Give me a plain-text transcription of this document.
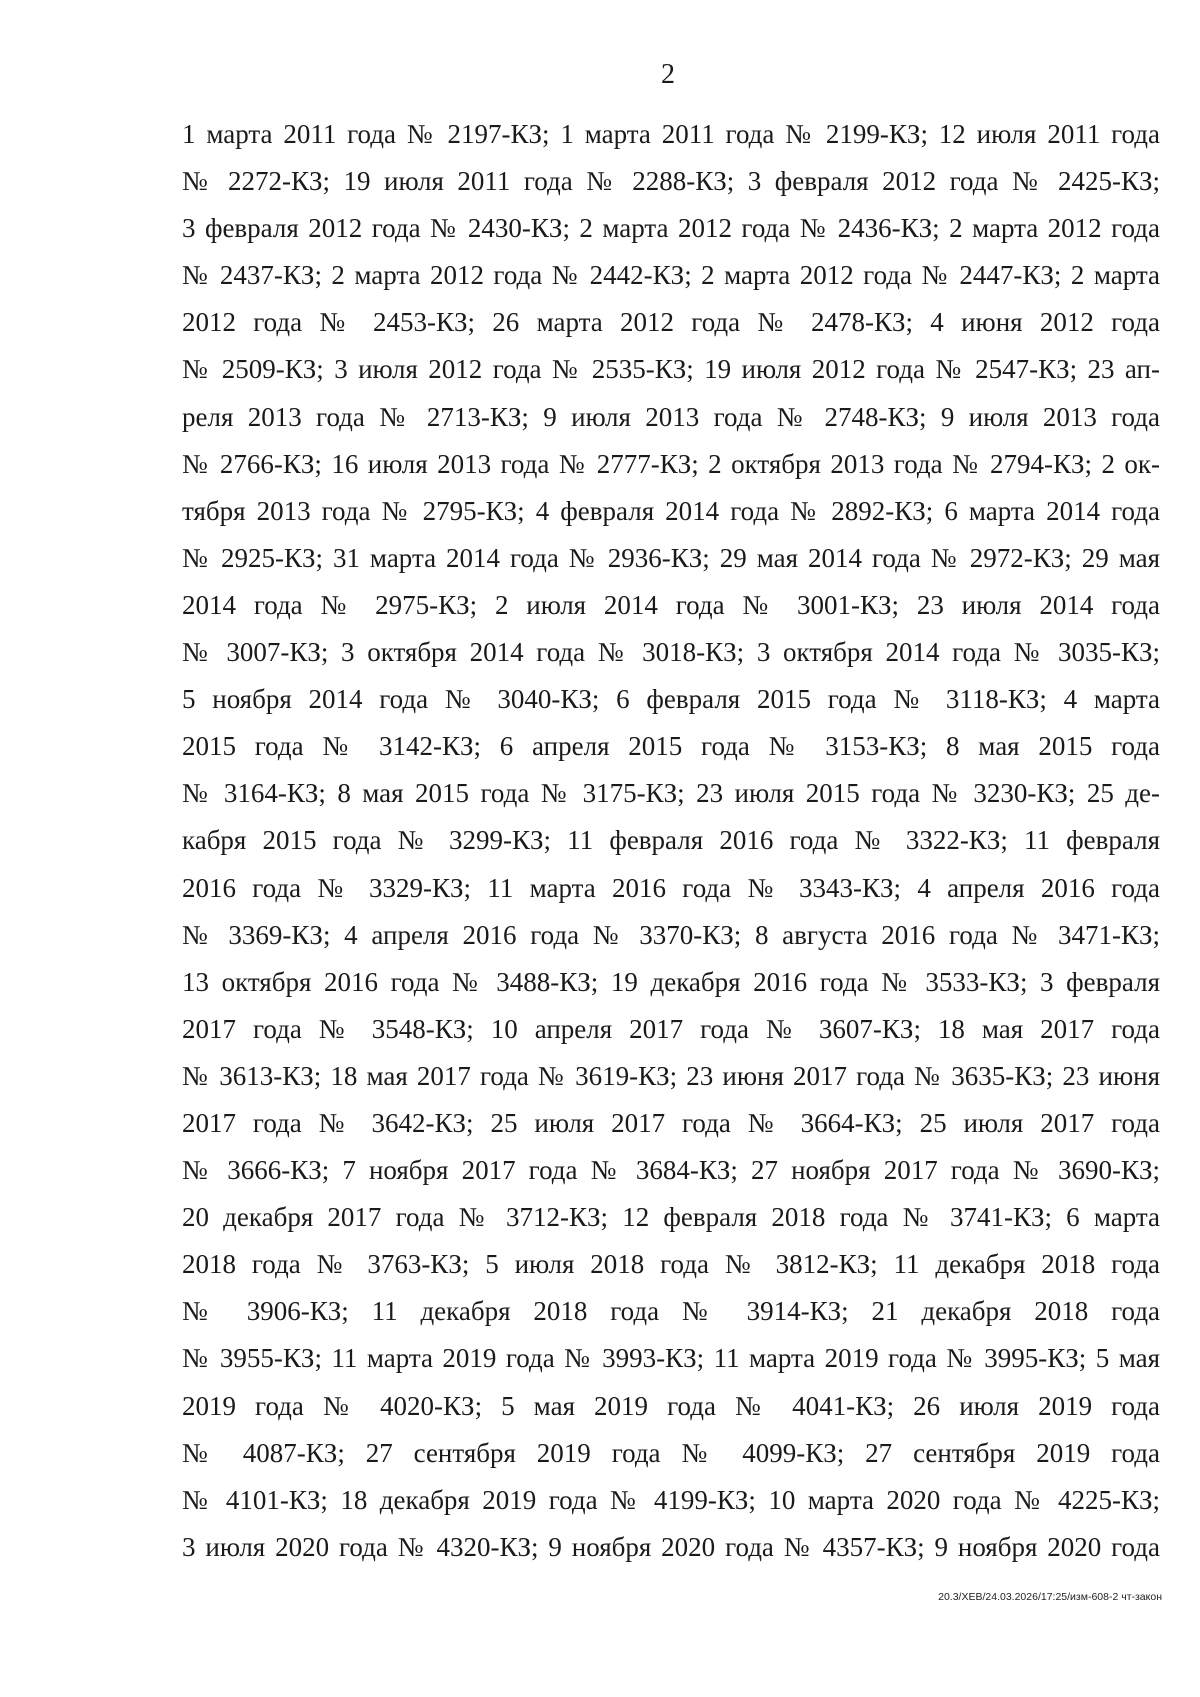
2
1 марта 2011 года № 2197-КЗ; 1 марта 2011 года № 2199-КЗ; 12 июля 2011 года
№ 2272-КЗ; 19 июля 2011 года № 2288-КЗ; 3 февраля 2012 года № 2425-КЗ;
3 февраля 2012 года № 2430-КЗ; 2 марта 2012 года № 2436-КЗ; 2 марта 2012 года
№ 2437-КЗ; 2 марта 2012 года № 2442-КЗ; 2 марта 2012 года № 2447-КЗ; 2 марта
2012 года № 2453-КЗ; 26 марта 2012 года № 2478-КЗ; 4 июня 2012 года
№ 2509-КЗ; 3 июля 2012 года № 2535-КЗ; 19 июля 2012 года № 2547-КЗ; 23 ап-
реля 2013 года № 2713-КЗ; 9 июля 2013 года № 2748-КЗ; 9 июля 2013 года
№ 2766-КЗ; 16 июля 2013 года № 2777-КЗ; 2 октября 2013 года № 2794-КЗ; 2 ок-
тября 2013 года № 2795-КЗ; 4 февраля 2014 года № 2892-КЗ; 6 марта 2014 года
№ 2925-КЗ; 31 марта 2014 года № 2936-КЗ; 29 мая 2014 года № 2972-КЗ; 29 мая
2014 года № 2975-КЗ; 2 июля 2014 года № 3001-КЗ; 23 июля 2014 года
№ 3007-КЗ; 3 октября 2014 года № 3018-КЗ; 3 октября 2014 года № 3035-КЗ;
5 ноября 2014 года № 3040-КЗ; 6 февраля 2015 года № 3118-КЗ; 4 марта
2015 года № 3142-КЗ; 6 апреля 2015 года № 3153-КЗ; 8 мая 2015 года
№ 3164-КЗ; 8 мая 2015 года № 3175-КЗ; 23 июля 2015 года № 3230-КЗ; 25 де-
кабря 2015 года № 3299-КЗ; 11 февраля 2016 года № 3322-КЗ; 11 февраля
2016 года № 3329-КЗ; 11 марта 2016 года № 3343-КЗ; 4 апреля 2016 года
№ 3369-КЗ; 4 апреля 2016 года № 3370-КЗ; 8 августа 2016 года № 3471-КЗ;
13 октября 2016 года № 3488-КЗ; 19 декабря 2016 года № 3533-КЗ; 3 февраля
2017 года № 3548-КЗ; 10 апреля 2017 года № 3607-КЗ; 18 мая 2017 года
№ 3613-КЗ; 18 мая 2017 года № 3619-КЗ; 23 июня 2017 года № 3635-КЗ; 23 июня
2017 года № 3642-КЗ; 25 июля 2017 года № 3664-КЗ; 25 июля 2017 года
№ 3666-КЗ; 7 ноября 2017 года № 3684-КЗ; 27 ноября 2017 года № 3690-КЗ;
20 декабря 2017 года № 3712-КЗ; 12 февраля 2018 года № 3741-КЗ; 6 марта
2018 года № 3763-КЗ; 5 июля 2018 года № 3812-КЗ; 11 декабря 2018 года
№ 3906-КЗ; 11 декабря 2018 года № 3914-КЗ; 21 декабря 2018 года
№ 3955-КЗ; 11 марта 2019 года № 3993-КЗ; 11 марта 2019 года № 3995-КЗ; 5 мая
2019 года № 4020-КЗ; 5 мая 2019 года № 4041-КЗ; 26 июля 2019 года
№ 4087-КЗ; 27 сентября 2019 года № 4099-КЗ; 27 сентября 2019 года
№ 4101-КЗ; 18 декабря 2019 года № 4199-КЗ; 10 марта 2020 года № 4225-КЗ;
3 июля 2020 года № 4320-КЗ; 9 ноября 2020 года № 4357-КЗ; 9 ноября 2020 года
20.3/ХЕВ/24.03.2026/17:25/изм-608-2 чт-закон
